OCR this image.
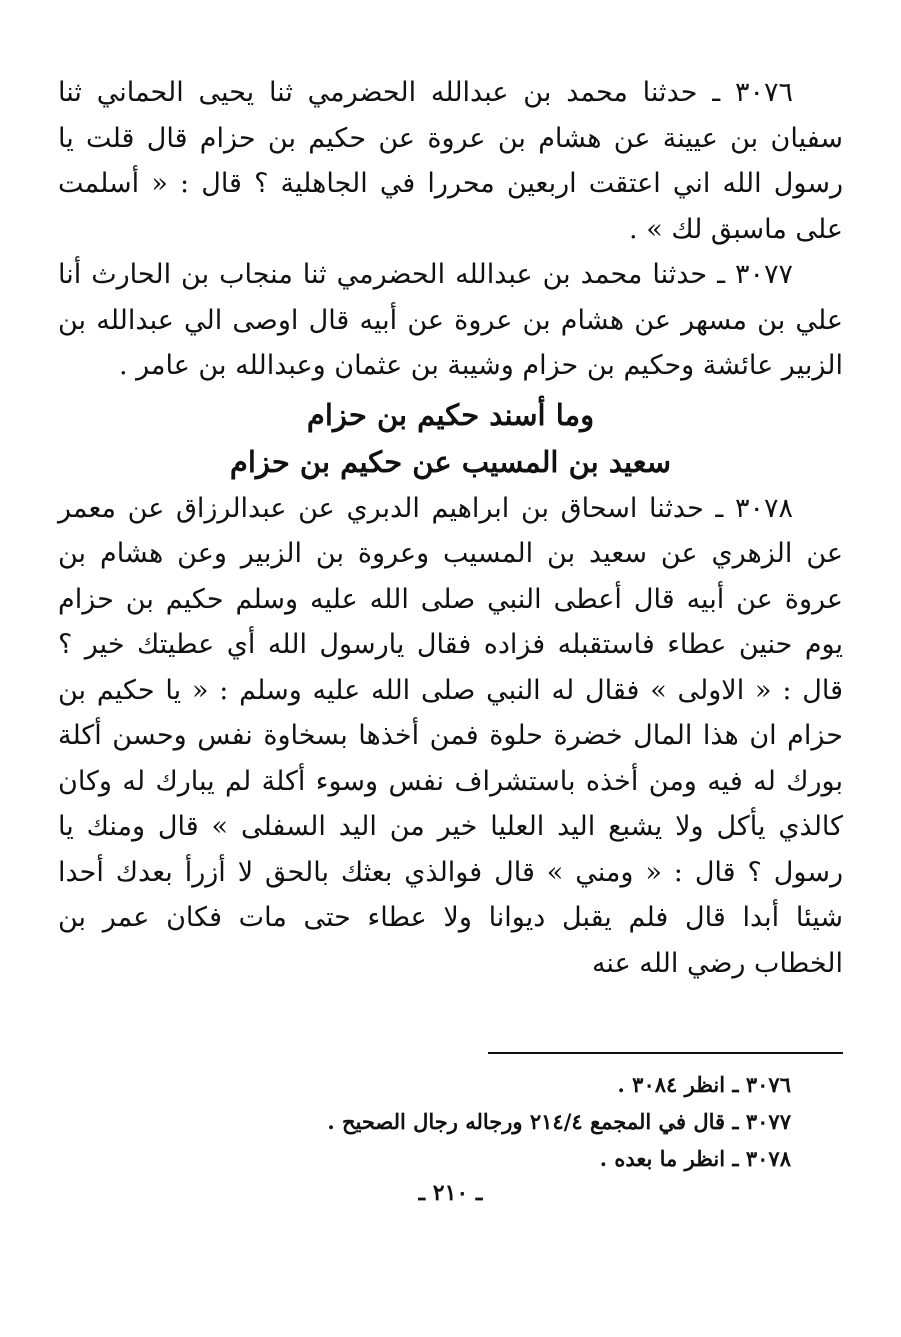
٣٠٧٦ ـ حدثنا محمد بن عبدالله الحضرمي ثنا يحيى الحماني ثنا سفيان بن عيينة عن هشام بن عروة عن حكيم بن حزام قال قلت يا رسول الله اني اعتقت اربعين محررا في الجاهلية ؟ قال : « أسلمت على ماسبق لك » .

٣٠٧٧ ـ حدثنا محمد بن عبدالله الحضرمي ثنا منجاب بن الحارث أنا علي بن مسهر عن هشام بن عروة عن أبيه قال اوصى الي عبدالله بن الزبير عائشة وحكيم بن حزام وشيبة بن عثمان وعبدالله بن عامر .

وما أسند حكيم بن حزام

سعيد بن المسيب عن حكيم بن حزام

٣٠٧٨ ـ حدثنا اسحاق بن ابراهيم الدبري عن عبدالرزاق عن معمر عن الزهري عن سعيد بن المسيب وعروة بن الزبير وعن هشام بن عروة عن أبيه قال أعطى النبي صلى الله عليه وسلم حكيم بن حزام يوم حنين عطاء فاستقبله فزاده فقال يارسول الله أي عطيتك خير ؟ قال : « الاولى » فقال له النبي صلى الله عليه وسلم : « يا حكيم بن حزام ان هذا المال خضرة حلوة فمن أخذها بسخاوة نفس وحسن أكلة بورك له فيه ومن أخذه باستشراف نفس وسوء أكلة لم يبارك له وكان كالذي يأكل ولا يشبع اليد العليا خير من اليد السفلى » قال ومنك يا رسول ؟ قال : « ومني » قال فوالذي بعثك بالحق لا أزرأ بعدك أحدا شيئا أبدا قال فلم يقبل ديوانا ولا عطاء حتى مات فكان عمر بن الخطاب رضي الله عنه

٣٠٧٦ ـ انظر ٣٠٨٤ .

٣٠٧٧ ـ قال في المجمع ٢١٤/٤ ورجاله رجال الصحيح .

٣٠٧٨ ـ انظر ما بعده .

ـ ٢١٠ ـ
